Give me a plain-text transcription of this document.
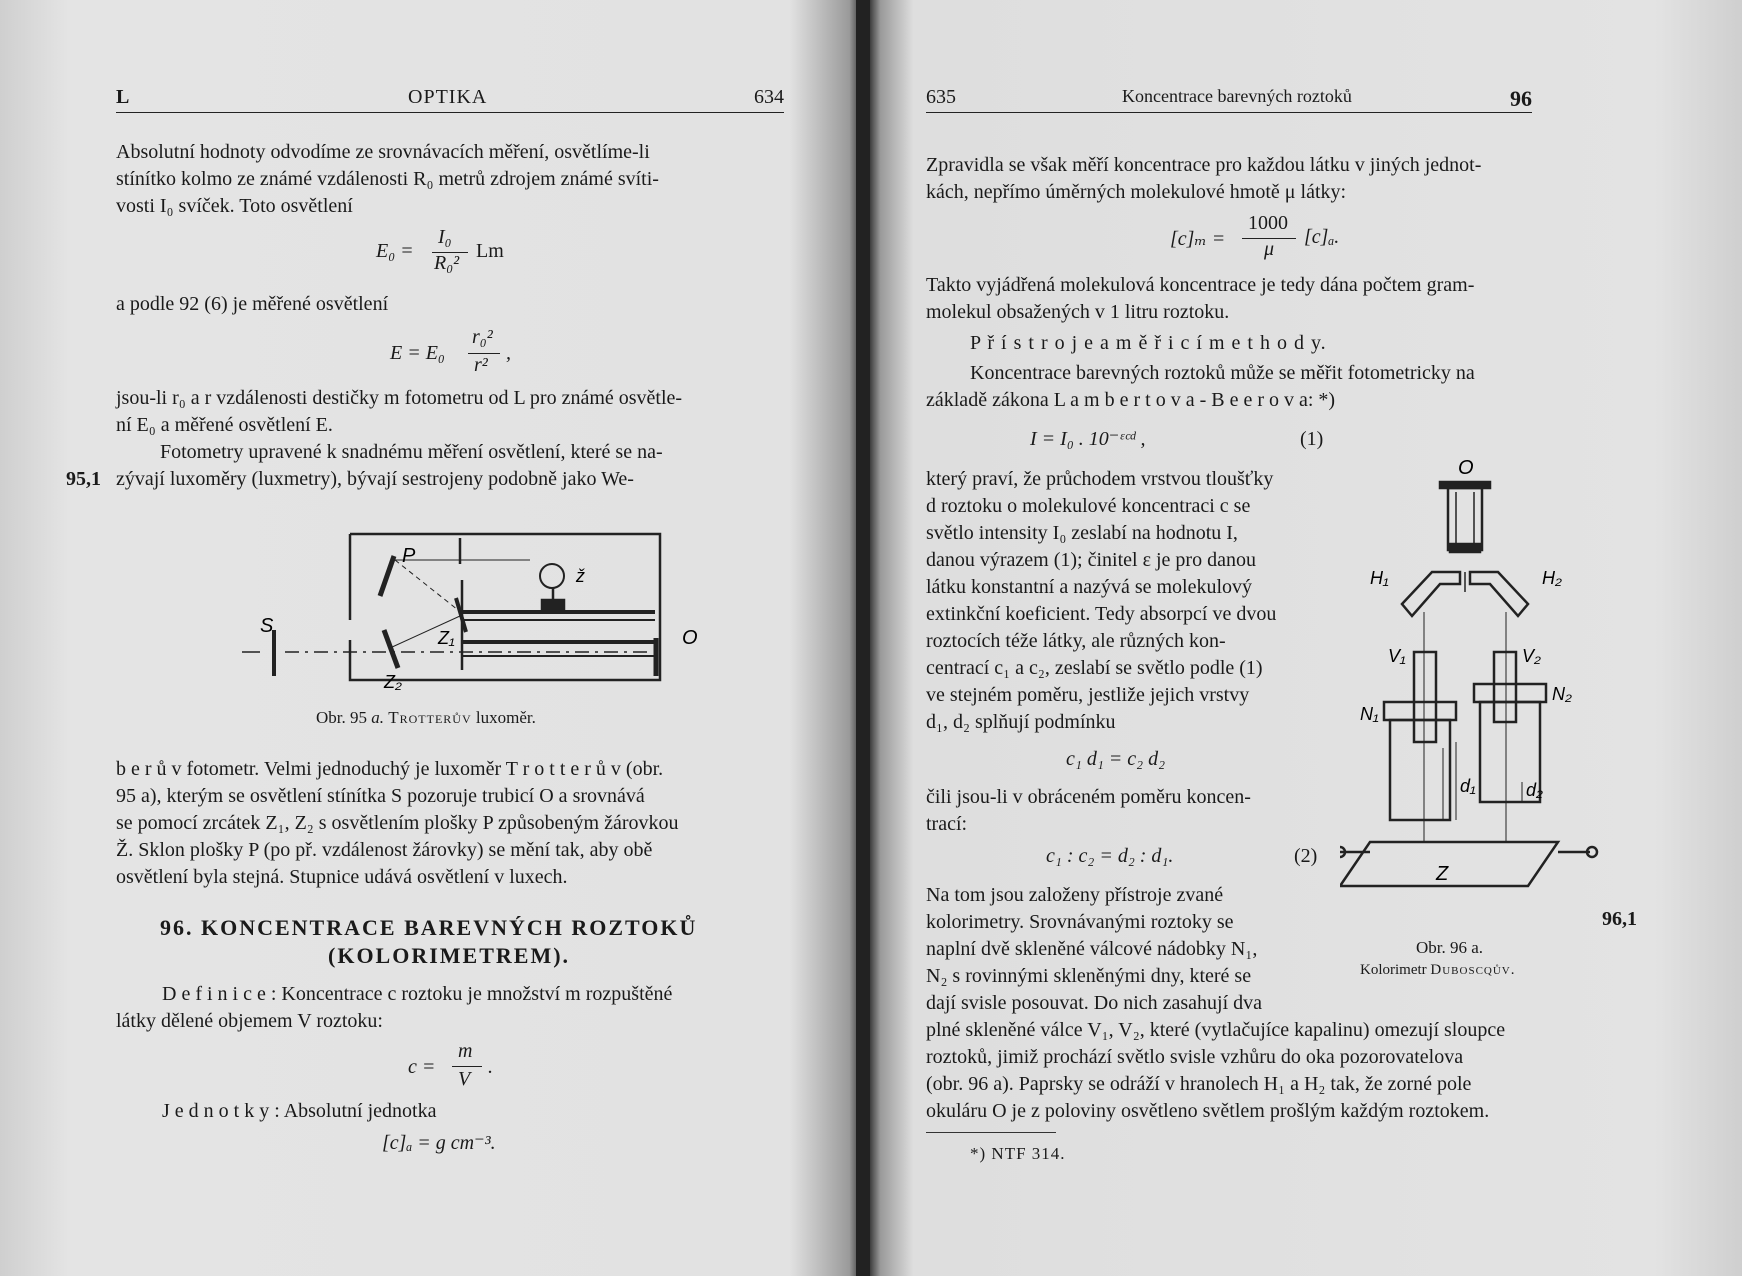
L	OPTIKA	634
Absolutní hodnoty odvodíme ze srovnávacích měření, osvětlíme-li
stínítko kolmo ze známé vzdálenosti R₀ metrů zdrojem známé svíti-
vosti I₀ svíček. Toto osvětlení
E₀ =
I₀
R₀²
Lm
a podle 92 (6) je měřené osvětlení
E = E₀
r₀²
r²
,
jsou-li r₀ a r vzdálenosti destičky m fotometru od L pro známé osvětle-
ní E₀ a měřené osvětlení E.
Fotometry upravené k snadnému měření osvětlení, které se na-
95,1 zývají luxoměry (luxmetry), bývají sestrojeny podobně jako We-
S
P
ž
Z₁
Z₂
O
Obr. 95 a. Trotterův luxoměr.
b e r ů v fotometr. Velmi jednoduchý je luxoměr T r o t t e r ů v (obr.
95 a), kterým se osvětlení stínítka S pozoruje trubicí O a srovnává
se pomocí zrcátek Z₁, Z₂ s osvětlením plošky P způsobeným žárovkou
Ž. Sklon plošky P (po př. vzdálenost žárovky) se mění tak, aby obě
osvětlení byla stejná. Stupnice udává osvětlení v luxech.
96. KONCENTRACE BAREVNÝCH ROZTOKŮ
(KOLORIMETREM).
D e f i n i c e : Koncentrace c roztoku je množství m rozpuštěné
látky dělené objemem V roztoku:
c =
m
V
.
J e d n o t k y : Absolutní jednotka
[c]ₐ = g cm⁻³.
635	Koncentrace barevných roztoků	96
Zpravidla se však měří koncentrace pro každou látku v jiných jednot-
kách, nepřímo úměrných molekulové hmotě μ látky:
[c]ₘ =
1000
μ
[c]ₐ.
Takto vyjádřená molekulová koncentrace je tedy dána počtem gram-
molekul obsažených v 1 litru roztoku.
P ř í s t r o j e a m ě ř i c í m e t h o d y.
Koncentrace barevných roztoků může se měřit fotometricky na
základě zákona L a m b e r t o v a - B e e r o v a: *)
I = I₀ . 10⁻ᵋᶜᵈ ,	(1)
který praví, že průchodem vrstvou tloušťky
d roztoku o molekulové koncentraci c se
světlo intensity I₀ zeslabí na hodnotu I,
danou výrazem (1); činitel ε je pro danou
látku konstantní a nazývá se molekulový
extinkční koeficient. Tedy absorpcí ve dvou
roztocích téže látky, ale různých kon-
centrací c₁ a c₂, zeslabí se světlo podle (1)
ve stejném poměru, jestliže jejich vrstvy
d₁, d₂ splňují podmínku
c₁ d₁ = c₂ d₂
čili jsou-li v obráceném poměru koncen-
trací:
c₁ : c₂ = d₂ : d₁.	(2)
Na tom jsou založeny přístroje zvané
kolorimetry. Srovnávanými roztoky se
naplní dvě skleněné válcové nádobky N₁,
N₂ s rovinnými skleněnými dny, které se
dají svisle posouvat. Do nich zasahují dva
plné skleněné válce V₁, V₂, které (vytlačujíce kapalinu) omezují sloupce
roztoků, jimiž prochází světlo svisle vzhůru do oka pozorovatelova
(obr. 96 a). Paprsky se odráží v hranolech H₁ a H₂ tak, že zorné pole
okuláru O je z poloviny osvětleno světlem prošlým každým roztokem.
*) NTF 314.
96,1
O
H₁	H₂
V₁	V₂
N₁
N₂
d₁	d₂
Z
Obr. 96 a.
Kolorimetr Duboscqův.
